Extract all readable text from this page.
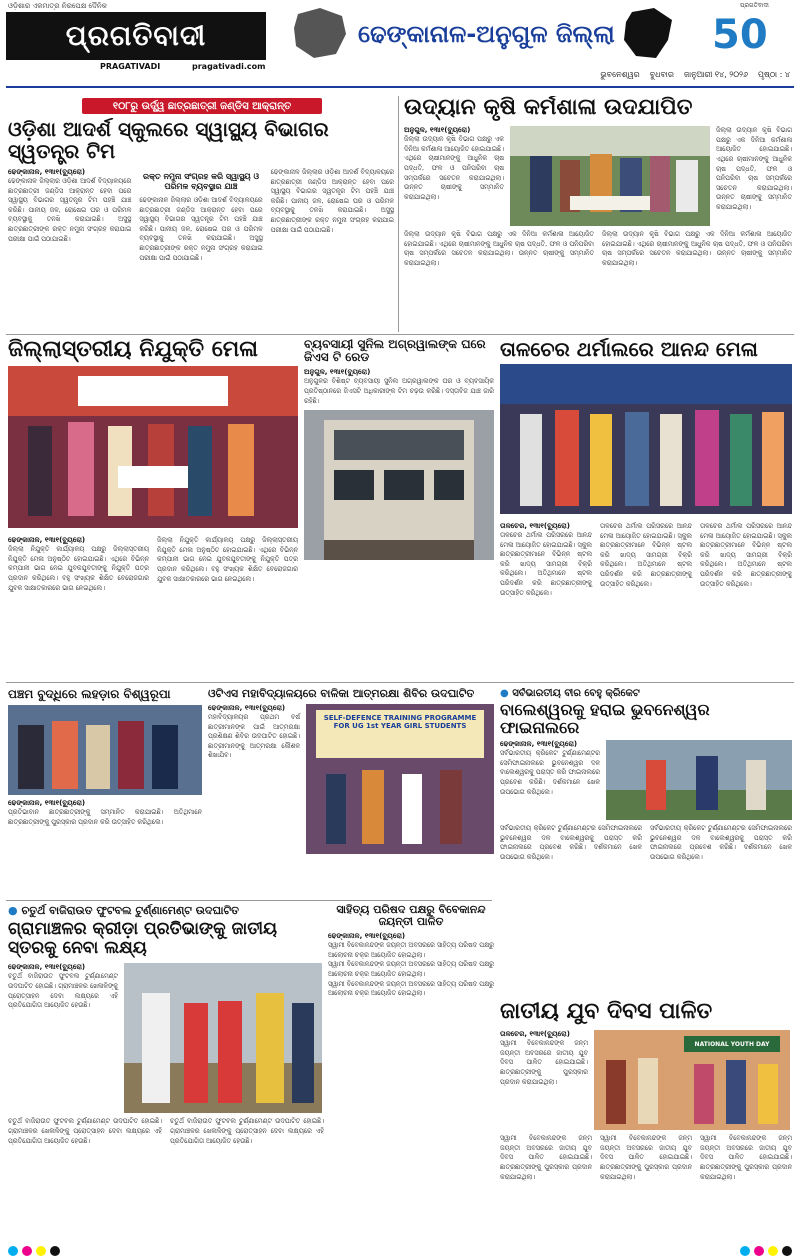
ଓଡ଼ିଶାର ଏକମାତ୍ର ନିରପେକ୍ଷ ଦୈନିକ
ପ୍ରଗତିବାଦୀ
PRAGATIVADI	pragativadi.com
ଢେଙ୍କାନାଳ-ଅନୁଗୁଳ ଜିଲ୍ଲା
ପ୍ରଗତିବାଦୀ
50
ଭୁବନେଶ୍ୱର ବୁଧବାର ଜାନୁଆରୀ ୧୪, ୨୦୨୬ ପୃଷ୍ଠା : ୪
୧୦୮ରୁ ଉର୍ଦ୍ଧ୍ୱ ଛାତ୍ରଛାତ୍ରୀ ଜଣ୍ଡିସ ଆକ୍ରାନ୍ତ
ଓଡ଼ିଶା ଆଦର୍ଶ ସ୍କୁଲରେ ସ୍ୱାସ୍ଥ୍ୟ ବିଭାଗର ସ୍ୱତନ୍ତ୍ର ଟିମ
ଢେଙ୍କାନାଳ, ୧୩ା୧(ବ୍ୟୁରୋ)
ଢେଙ୍କାନାଳ ଜିଲ୍ଲାର ଓଡ଼ିଶା ଆଦର୍ଶ ବିଦ୍ୟାଳୟରେ ଛାତ୍ରଛାତ୍ରୀ ଜଣ୍ଡିସ ଆକ୍ରାନ୍ତ ହେବା ପରେ ସ୍ୱାସ୍ଥ୍ୟ ବିଭାଗର ସ୍ୱତନ୍ତ୍ର ଟିମ ପହଞ୍ଚି ଯାଞ୍ଚ କରିଛି। ପାନୀୟ ଜଳ, ରୋଷେଇ ଘର ଓ ପରିମଳ ବ୍ୟବସ୍ଥାକୁ ତନଖି କରାଯାଇଛି। ଅସୁସ୍ଥ ଛାତ୍ରଛାତ୍ରୀଙ୍କ ରକ୍ତ ନମୁନା ସଂଗ୍ରହ କରାଯାଇ ପରୀକ୍ଷା ପାଇଁ ପଠାଯାଇଛି।
ରକ୍ତ ନମୁନା ସଂଗ୍ରହ କରି ସ୍ୱାସ୍ଥ୍ୟ ଓ ପରିମଳ ବ୍ୟବସ୍ଥାର ଯାଞ୍ଚ
ଢେଙ୍କାନାଳ ଜିଲ୍ଲାର ଓଡ଼ିଶା ଆଦର୍ଶ ବିଦ୍ୟାଳୟରେ ଛାତ୍ରଛାତ୍ରୀ ଜଣ୍ଡିସ ଆକ୍ରାନ୍ତ ହେବା ପରେ ସ୍ୱାସ୍ଥ୍ୟ ବିଭାଗର ସ୍ୱତନ୍ତ୍ର ଟିମ ପହଞ୍ଚି ଯାଞ୍ଚ କରିଛି। ପାନୀୟ ଜଳ, ରୋଷେଇ ଘର ଓ ପରିମଳ ବ୍ୟବସ୍ଥାକୁ ତନଖି କରାଯାଇଛି। ଅସୁସ୍ଥ ଛାତ୍ରଛାତ୍ରୀଙ୍କ ରକ୍ତ ନମୁନା ସଂଗ୍ରହ କରାଯାଇ ପରୀକ୍ଷା ପାଇଁ ପଠାଯାଇଛି।
ଢେଙ୍କାନାଳ ଜିଲ୍ଲାର ଓଡ଼ିଶା ଆଦର୍ଶ ବିଦ୍ୟାଳୟରେ ଛାତ୍ରଛାତ୍ରୀ ଜଣ୍ଡିସ ଆକ୍ରାନ୍ତ ହେବା ପରେ ସ୍ୱାସ୍ଥ୍ୟ ବିଭାଗର ସ୍ୱତନ୍ତ୍ର ଟିମ ପହଞ୍ଚି ଯାଞ୍ଚ କରିଛି। ପାନୀୟ ଜଳ, ରୋଷେଇ ଘର ଓ ପରିମଳ ବ୍ୟବସ୍ଥାକୁ ତନଖି କରାଯାଇଛି। ଅସୁସ୍ଥ ଛାତ୍ରଛାତ୍ରୀଙ୍କ ରକ୍ତ ନମୁନା ସଂଗ୍ରହ କରାଯାଇ ପରୀକ୍ଷା ପାଇଁ ପଠାଯାଇଛି।
ଉଦ୍ୟାନ କୃଷି କର୍ମଶାଳା ଉଦଯାପିତ
ଅନୁଗୁଳ, ୧୩ା୧(ବ୍ୟୁରୋ)
ଜିଲ୍ଲା ଉଦ୍ୟାନ କୃଷି ବିଭାଗ ପକ୍ଷରୁ ଏକ ଦିନିଆ କର୍ମଶାଳା ଆୟୋଜିତ ହୋଇଯାଇଛି। ଏଥିରେ ଚାଷୀମାନଙ୍କୁ ଆଧୁନିକ ଚାଷ ପଦ୍ଧତି, ଫଳ ଓ ପନିପରିବା ଚାଷ ସମ୍ପର୍କରେ ସଚେତନ କରାଯାଇଥିଲା। ଉନ୍ନତ ଚାଷୀଙ୍କୁ ସମ୍ମାନିତ କରାଯାଇଥିଲା।
ଜିଲ୍ଲା ଉଦ୍ୟାନ କୃଷି ବିଭାଗ ପକ୍ଷରୁ ଏକ ଦିନିଆ କର୍ମଶାଳା ଆୟୋଜିତ ହୋଇଯାଇଛି। ଏଥିରେ ଚାଷୀମାନଙ୍କୁ ଆଧୁନିକ ଚାଷ ପଦ୍ଧତି, ଫଳ ଓ ପନିପରିବା ଚାଷ ସମ୍ପର୍କରେ ସଚେତନ କରାଯାଇଥିଲା। ଉନ୍ନତ ଚାଷୀଙ୍କୁ ସମ୍ମାନିତ କରାଯାଇଥିଲା।
ଜିଲ୍ଲା ଉଦ୍ୟାନ କୃଷି ବିଭାଗ ପକ୍ଷରୁ ଏକ ଦିନିଆ କର୍ମଶାଳା ଆୟୋଜିତ ହୋଇଯାଇଛି। ଏଥିରେ ଚାଷୀମାନଙ୍କୁ ଆଧୁନିକ ଚାଷ ପଦ୍ଧତି, ଫଳ ଓ ପନିପରିବା ଚାଷ ସମ୍ପର୍କରେ ସଚେତନ କରାଯାଇଥିଲା। ଉନ୍ନତ ଚାଷୀଙ୍କୁ ସମ୍ମାନିତ କରାଯାଇଥିଲା।
ଜିଲ୍ଲା ଉଦ୍ୟାନ କୃଷି ବିଭାଗ ପକ୍ଷରୁ ଏକ ଦିନିଆ କର୍ମଶାଳା ଆୟୋଜିତ ହୋଇଯାଇଛି। ଏଥିରେ ଚାଷୀମାନଙ୍କୁ ଆଧୁନିକ ଚାଷ ପଦ୍ଧତି, ଫଳ ଓ ପନିପରିବା ଚାଷ ସମ୍ପର୍କରେ ସଚେତନ କରାଯାଇଥିଲା। ଉନ୍ନତ ଚାଷୀଙ୍କୁ ସମ୍ମାନିତ କରାଯାଇଥିଲା।
ଜିଲ୍ଲାସ୍ତରୀୟ ନିଯୁକ୍ତି ମେଳା
ଢେଙ୍କାନାଳ, ୧୩ା୧(ବ୍ୟୁରୋ)
ଜିଲ୍ଲା ନିଯୁକ୍ତି କାର୍ଯ୍ୟାଳୟ ପକ୍ଷରୁ ଜିଲ୍ଲାସ୍ତରୀୟ ନିଯୁକ୍ତି ମେଳା ଅନୁଷ୍ଠିତ ହୋଇଯାଇଛି। ଏଥିରେ ବିଭିନ୍ନ କମ୍ପାନୀ ଭାଗ ନେଇ ଯୁବକଯୁବତୀଙ୍କୁ ନିଯୁକ୍ତି ପତ୍ର ପ୍ରଦାନ କରିଥିଲେ। ବହୁ ସଂଖ୍ୟକ ଶିକ୍ଷିତ ବେରୋଜଗାର ଯୁବକ ସାକ୍ଷାତକାରରେ ଭାଗ ନେଇଥିଲେ।
ଜିଲ୍ଲା ନିଯୁକ୍ତି କାର୍ଯ୍ୟାଳୟ ପକ୍ଷରୁ ଜିଲ୍ଲାସ୍ତରୀୟ ନିଯୁକ୍ତି ମେଳା ଅନୁଷ୍ଠିତ ହୋଇଯାଇଛି। ଏଥିରେ ବିଭିନ୍ନ କମ୍ପାନୀ ଭାଗ ନେଇ ଯୁବକଯୁବତୀଙ୍କୁ ନିଯୁକ୍ତି ପତ୍ର ପ୍ରଦାନ କରିଥିଲେ। ବହୁ ସଂଖ୍ୟକ ଶିକ୍ଷିତ ବେରୋଜଗାର ଯୁବକ ସାକ୍ଷାତକାରରେ ଭାଗ ନେଇଥିଲେ।
ବ୍ୟବସାୟୀ ସୁନିଲ ଅଗ୍ରୱାଲଙ୍କ ଘରେ ଜିଏସ ଟି ରେଡ
ଅନୁଗୁଳ, ୧୩ା୧(ବ୍ୟୁରୋ)
ଅନୁଗୁଳର ବିଶିଷ୍ଟ ବ୍ୟବସାୟୀ ସୁନିଲ ଅଗ୍ରୱାଲଙ୍କ ଘର ଓ ବ୍ୟବସାୟିକ ପ୍ରତିଷ୍ଠାନରେ ଜିଏସଟି ଅଧିକାରୀଙ୍କ ଟିମ ଚଢ଼ଉ କରିଛି। ଦସ୍ତାବିଜ ଯାଞ୍ଚ ଜାରି ରହିଛି।
ତାଳଚେର ଥର୍ମାଲରେ ଆନନ୍ଦ ମେଳା
ତାଳଚେର, ୧୩ା୧(ବ୍ୟୁରୋ)
ତାଳଚେର ଥର୍ମାଲ ପରିସରରେ ଆନନ୍ଦ ମେଳା ଆୟୋଜିତ ହୋଇଯାଇଛି। ସ୍କୁଲ ଛାତ୍ରଛାତ୍ରୀମାନେ ବିଭିନ୍ନ ଷ୍ଟଲ କରି ଖାଦ୍ୟ ସାମଗ୍ରୀ ବିକ୍ରି କରିଥିଲେ। ଅତିଥିମାନେ ଷ୍ଟଲ ପରିଦର୍ଶନ କରି ଛାତ୍ରଛାତ୍ରୀଙ୍କୁ ଉତ୍ସାହିତ କରିଥିଲେ।
ତାଳଚେର ଥର୍ମାଲ ପରିସରରେ ଆନନ୍ଦ ମେଳା ଆୟୋଜିତ ହୋଇଯାଇଛି। ସ୍କୁଲ ଛାତ୍ରଛାତ୍ରୀମାନେ ବିଭିନ୍ନ ଷ୍ଟଲ କରି ଖାଦ୍ୟ ସାମଗ୍ରୀ ବିକ୍ରି କରିଥିଲେ। ଅତିଥିମାନେ ଷ୍ଟଲ ପରିଦର୍ଶନ କରି ଛାତ୍ରଛାତ୍ରୀଙ୍କୁ ଉତ୍ସାହିତ କରିଥିଲେ।
ତାଳଚେର ଥର୍ମାଲ ପରିସରରେ ଆନନ୍ଦ ମେଳା ଆୟୋଜିତ ହୋଇଯାଇଛି। ସ୍କୁଲ ଛାତ୍ରଛାତ୍ରୀମାନେ ବିଭିନ୍ନ ଷ୍ଟଲ କରି ଖାଦ୍ୟ ସାମଗ୍ରୀ ବିକ୍ରି କରିଥିଲେ। ଅତିଥିମାନେ ଷ୍ଟଲ ପରିଦର୍ଶନ କରି ଛାତ୍ରଛାତ୍ରୀଙ୍କୁ ଉତ୍ସାହିତ କରିଥିଲେ।
ପଞ୍ଚମ ବୁଦ୍ଧିରେ ଲହଡ଼ାର ବିଶ୍ୱରୂପା
ଢେଙ୍କାନାଳ, ୧୩ା୧(ବ୍ୟୁରୋ)
ପ୍ରତିଭାବାନ ଛାତ୍ରଛାତ୍ରୀଙ୍କୁ ସମ୍ମାନିତ କରାଯାଇଛି। ଅତିଥିମାନେ ଛାତ୍ରଛାତ୍ରୀଙ୍କୁ ପୁରସ୍କାର ପ୍ରଦାନ କରି ଉତ୍ସାହିତ କରିଥିଲେ।
ଓଟିଏସ ମହାବିଦ୍ୟାଳୟରେ ବାଳିକା ଆତ୍ମରକ୍ଷା ଶିବିର ଉଦଘାଟିତ
ଢେଙ୍କାନାଳ, ୧୩ା୧(ବ୍ୟୁରୋ)
ମହାବିଦ୍ୟାଳୟର ପ୍ରଥମ ବର୍ଷ ଛାତ୍ରୀମାନଙ୍କ ପାଇଁ ଆତ୍ମରକ୍ଷା ପ୍ରଶିକ୍ଷଣ ଶିବିର ଉଦଘାଟିତ ହୋଇଛି। ଛାତ୍ରୀମାନଙ୍କୁ ଆତ୍ମରକ୍ଷା କୌଶଳ ଶିଖାଯିବ।
SELF-DEFENCE TRAINING PROGRAMME FOR UG 1st YEAR GIRL STUDENTS
● ସର୍ବଭାରତୀୟ ବୀର ବେହୁ କ୍ରିକେଟ
ବାଲେଶ୍ୱରକୁ ହରାଇ ଭୁବନେଶ୍ୱର ଫାଇନାଲରେ
ଢେଙ୍କାନାଳ, ୧୩ା୧(ବ୍ୟୁରୋ)
ସର୍ବଭାରତୀୟ କ୍ରିକେଟ ଟୁର୍ଣ୍ଣାମେଣ୍ଟର ସେମିଫାଇନାଲରେ ଭୁବନେଶ୍ୱର ଦଳ ବାଲେଶ୍ୱରକୁ ପରାସ୍ତ କରି ଫାଇନାଲରେ ପ୍ରବେଶ କରିଛି। ଦର୍ଶକମାନେ ଖେଳ ଉପଭୋଗ କରିଥିଲେ।
ସର୍ବଭାରତୀୟ କ୍ରିକେଟ ଟୁର୍ଣ୍ଣାମେଣ୍ଟର ସେମିଫାଇନାଲରେ ଭୁବନେଶ୍ୱର ଦଳ ବାଲେଶ୍ୱରକୁ ପରାସ୍ତ କରି ଫାଇନାଲରେ ପ୍ରବେଶ କରିଛି। ଦର୍ଶକମାନେ ଖେଳ ଉପଭୋଗ କରିଥିଲେ।
ସର୍ବଭାରତୀୟ କ୍ରିକେଟ ଟୁର୍ଣ୍ଣାମେଣ୍ଟର ସେମିଫାଇନାଲରେ ଭୁବନେଶ୍ୱର ଦଳ ବାଲେଶ୍ୱରକୁ ପରାସ୍ତ କରି ଫାଇନାଲରେ ପ୍ରବେଶ କରିଛି। ଦର୍ଶକମାନେ ଖେଳ ଉପଭୋଗ କରିଥିଲେ।
● ଚତୁର୍ଥ ବାଜିରାଉତ ଫୁଟବଲ ଟୁର୍ଣ୍ଣାମେଣ୍ଟ ଉଦଘାଟିତ
ଗ୍ରାମାଞ୍ଚଳର କ୍ରୀଡ଼ା ପ୍ରତିଭାଙ୍କୁ ଜାତୀୟ ସ୍ତରକୁ ନେବା ଲକ୍ଷ୍ୟ
ଢେଙ୍କାନାଳ, ୧୩ା୧(ବ୍ୟୁରୋ)
ଚତୁର୍ଥ ବାଜିରାଉତ ଫୁଟବଲ ଟୁର୍ଣ୍ଣାମେଣ୍ଟ ଉଦଘାଟିତ ହୋଇଛି। ଗ୍ରାମାଞ୍ଚଳର ଖେଳାଳିଙ୍କୁ ପ୍ରୋତ୍ସାହନ ଦେବା ଲକ୍ଷ୍ୟରେ ଏହି ପ୍ରତିଯୋଗିତା ଆୟୋଜିତ ହେଉଛି।
ଚତୁର୍ଥ ବାଜିରାଉତ ଫୁଟବଲ ଟୁର୍ଣ୍ଣାମେଣ୍ଟ ଉଦଘାଟିତ ହୋଇଛି। ଗ୍ରାମାଞ୍ଚଳର ଖେଳାଳିଙ୍କୁ ପ୍ରୋତ୍ସାହନ ଦେବା ଲକ୍ଷ୍ୟରେ ଏହି ପ୍ରତିଯୋଗିତା ଆୟୋଜିତ ହେଉଛି।
ଚତୁର୍ଥ ବାଜିରାଉତ ଫୁଟବଲ ଟୁର୍ଣ୍ଣାମେଣ୍ଟ ଉଦଘାଟିତ ହୋଇଛି। ଗ୍ରାମାଞ୍ଚଳର ଖେଳାଳିଙ୍କୁ ପ୍ରୋତ୍ସାହନ ଦେବା ଲକ୍ଷ୍ୟରେ ଏହି ପ୍ରତିଯୋଗିତା ଆୟୋଜିତ ହେଉଛି।
ସାହିତ୍ୟ ପରିଷଦ ପକ୍ଷରୁ ବିବେକାନନ୍ଦ ଜୟନ୍ତୀ ପାଳିତ
ଢେଙ୍କାନାଳ, ୧୩ା୧(ବ୍ୟୁରୋ)
ସ୍ୱାମୀ ବିବେକାନନ୍ଦଙ୍କ ଜୟନ୍ତୀ ଅବସରରେ ସାହିତ୍ୟ ପରିଷଦ ପକ୍ଷରୁ ଆଲୋଚନା ଚକ୍ର ଆୟୋଜିତ ହୋଇଥିଲା।
ସ୍ୱାମୀ ବିବେକାନନ୍ଦଙ୍କ ଜୟନ୍ତୀ ଅବସରରେ ସାହିତ୍ୟ ପରିଷଦ ପକ୍ଷରୁ ଆଲୋଚନା ଚକ୍ର ଆୟୋଜିତ ହୋଇଥିଲା।
ସ୍ୱାମୀ ବିବେକାନନ୍ଦଙ୍କ ଜୟନ୍ତୀ ଅବସରରେ ସାହିତ୍ୟ ପରିଷଦ ପକ୍ଷରୁ ଆଲୋଚନା ଚକ୍ର ଆୟୋଜିତ ହୋଇଥିଲା।
ଜାତୀୟ ଯୁବ ଦିବସ ପାଳିତ
ତାଳଚେର, ୧୩ା୧(ବ୍ୟୁରୋ)
ସ୍ୱାମୀ ବିବେକାନନ୍ଦଙ୍କ ଜନ୍ମ ଜୟନ୍ତୀ ଅବସରରେ ଜାତୀୟ ଯୁବ ଦିବସ ପାଳିତ ହୋଇଯାଇଛି। ଛାତ୍ରଛାତ୍ରୀଙ୍କୁ ପୁରସ୍କାର ପ୍ରଦାନ କରାଯାଇଥିଲା।
NATIONAL YOUTH DAY
ସ୍ୱାମୀ ବିବେକାନନ୍ଦଙ୍କ ଜନ୍ମ ଜୟନ୍ତୀ ଅବସରରେ ଜାତୀୟ ଯୁବ ଦିବସ ପାଳିତ ହୋଇଯାଇଛି। ଛାତ୍ରଛାତ୍ରୀଙ୍କୁ ପୁରସ୍କାର ପ୍ରଦାନ କରାଯାଇଥିଲା।
ସ୍ୱାମୀ ବିବେକାନନ୍ଦଙ୍କ ଜନ୍ମ ଜୟନ୍ତୀ ଅବସରରେ ଜାତୀୟ ଯୁବ ଦିବସ ପାଳିତ ହୋଇଯାଇଛି। ଛାତ୍ରଛାତ୍ରୀଙ୍କୁ ପୁରସ୍କାର ପ୍ରଦାନ କରାଯାଇଥିଲା।
ସ୍ୱାମୀ ବିବେକାନନ୍ଦଙ୍କ ଜନ୍ମ ଜୟନ୍ତୀ ଅବସରରେ ଜାତୀୟ ଯୁବ ଦିବସ ପାଳିତ ହୋଇଯାଇଛି। ଛାତ୍ରଛାତ୍ରୀଙ୍କୁ ପୁରସ୍କାର ପ୍ରଦାନ କରାଯାଇଥିଲା।
